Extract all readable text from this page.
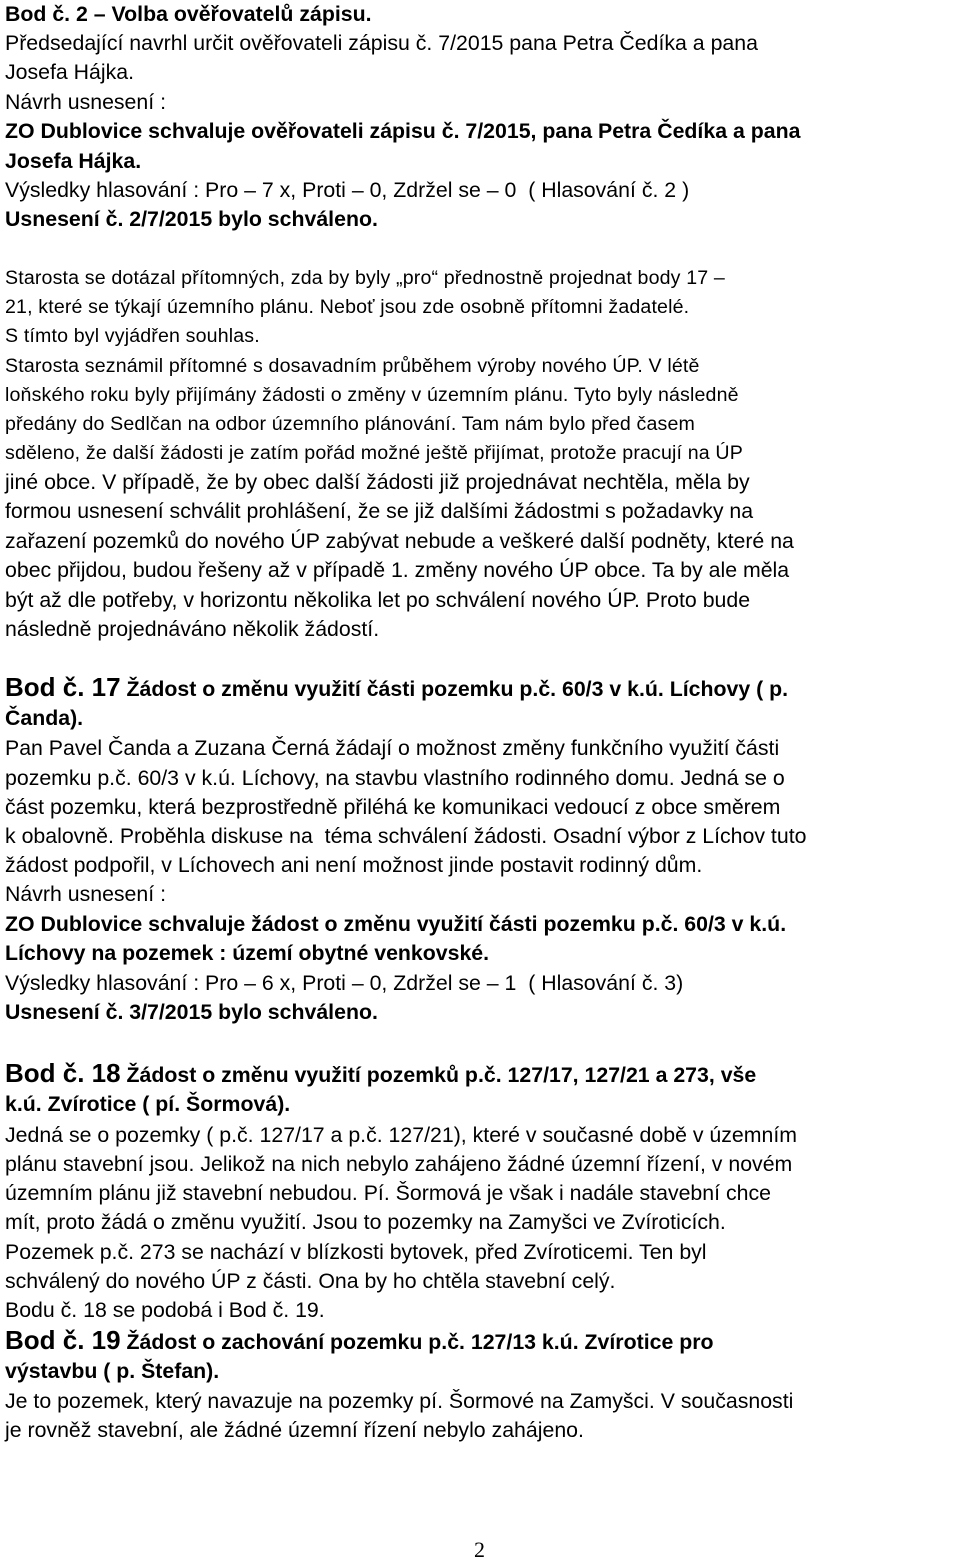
Bod č. 2 – Volba ověřovatelů zápisu.
Předsedající navrhl určit ověřovateli zápisu č. 7/2015 pana Petra Čedíka a pana
Josefa Hájka.
Návrh usnesení :
ZO Dublovice schvaluje ověřovateli zápisu č. 7/2015, pana Petra Čedíka a pana
Josefa Hájka.
Výsledky hlasování : Pro – 7 x, Proti – 0, Zdržel se – 0  ( Hlasování č. 2 )
Usnesení č. 2/7/2015 bylo schváleno.
Starosta se dotázal přítomných, zda by byly „pro“ přednostně projednat body 17 –
21, které se týkají územního plánu. Neboť jsou zde osobně přítomni žadatelé.
S tímto byl vyjádřen souhlas.
Starosta seznámil přítomné s dosavadním průběhem výroby nového ÚP. V létě
loňského roku byly přijímány žádosti o změny v územním plánu. Tyto byly následně
předány do Sedlčan na odbor územního plánování. Tam nám bylo před časem
sděleno, že další žádosti je zatím pořád možné ještě přijímat, protože pracují na ÚP
jiné obce. V případě, že by obec další žádosti již projednávat nechtěla, měla by
formou usnesení schválit prohlášení, že se již dalšími žádostmi s požadavky na
zařazení pozemků do nového ÚP zabývat nebude a veškeré další podněty, které na
obec přijdou, budou řešeny až v případě 1. změny nového ÚP obce. Ta by ale měla
být až dle potřeby, v horizontu několika let po schválení nového ÚP. Proto bude
následně projednáváno několik žádostí.
Bod č. 17 Žádost o změnu využití části pozemku p.č. 60/3 v k.ú. Líchovy ( p.
Čanda).
Pan Pavel Čanda a Zuzana Černá žádají o možnost změny funkčního využití části
pozemku p.č. 60/3 v k.ú. Líchovy, na stavbu vlastního rodinného domu. Jedná se o
část pozemku, která bezprostředně přiléhá ke komunikaci vedoucí z obce směrem
k obalovně. Proběhla diskuse na  téma schválení žádosti. Osadní výbor z Líchov tuto
žádost podpořil, v Líchovech ani není možnost jinde postavit rodinný dům.
Návrh usnesení :
ZO Dublovice schvaluje žádost o změnu využití části pozemku p.č. 60/3 v k.ú.
Líchovy na pozemek : území obytné venkovské.
Výsledky hlasování : Pro – 6 x, Proti – 0, Zdržel se – 1  ( Hlasování č. 3)
Usnesení č. 3/7/2015 bylo schváleno.
Bod č. 18 Žádost o změnu využití pozemků p.č. 127/17, 127/21 a 273, vše
k.ú. Zvírotice ( pí. Šormová).
Jedná se o pozemky ( p.č. 127/17 a p.č. 127/21), které v současné době v územním
plánu stavební jsou. Jelikož na nich nebylo zahájeno žádné územní řízení, v novém
územním plánu již stavební nebudou. Pí. Šormová je však i nadále stavební chce
mít, proto žádá o změnu využití. Jsou to pozemky na Zamyšci ve Zvíroticích.
Pozemek p.č. 273 se nachází v blízkosti bytovek, před Zvíroticemi. Ten byl
schválený do nového ÚP z části. Ona by ho chtěla stavební celý.
Bodu č. 18 se podobá i Bod č. 19.
Bod č. 19 Žádost o zachování pozemku p.č. 127/13 k.ú. Zvírotice pro
výstavbu ( p. Štefan).
Je to pozemek, který navazuje na pozemky pí. Šormové na Zamyšci. V současnosti
je rovněž stavební, ale žádné územní řízení nebylo zahájeno.
2
